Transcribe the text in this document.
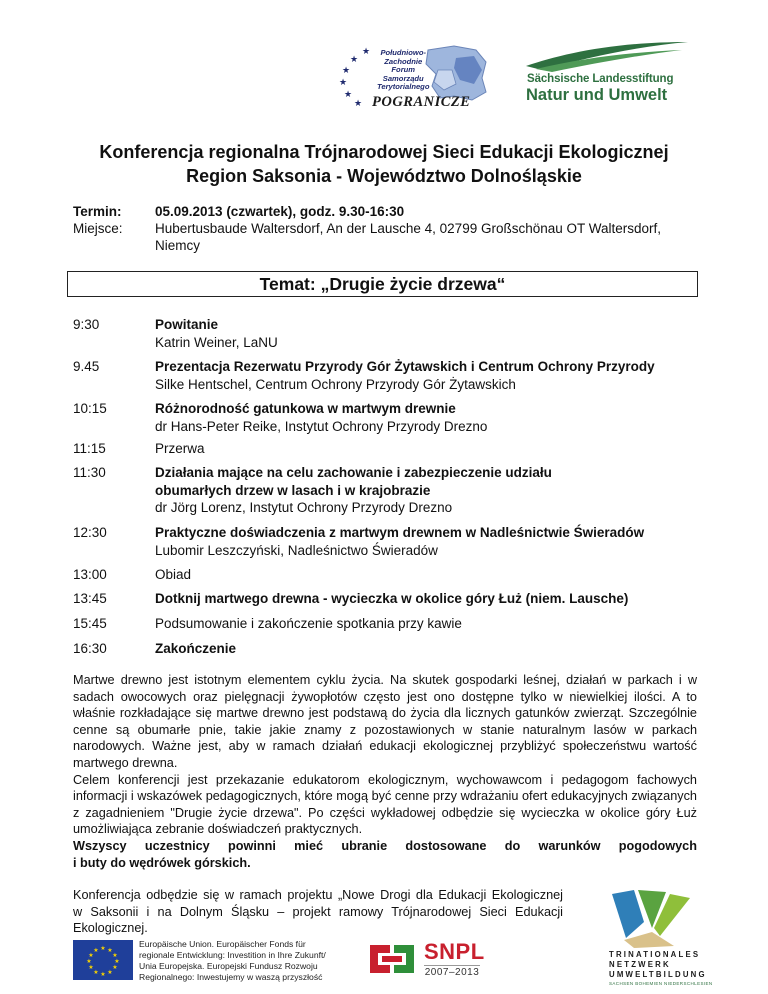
★
★
★
★
★
★
Południowo-
Zachodnie
Forum
Samorządu
Terytorialnego
POGRANICZE
Sächsische Landesstiftung
Natur und Umwelt
Konferencja regionalna Trójnarodowej Sieci Edukacji Ekologicznej
Region Saksonia - Województwo Dolnośląskie
Termin:	05.09.2013 (czwartek), godz. 9.30-16:30
Miejsce:	Hubertusbaude Waltersdorf, An der Lausche 4, 02799 Großschönau OT Waltersdorf,
Niemcy
Temat: „Drugie życie drzewa“
9:30	Powitanie
Katrin Weiner, LaNU
9.45	Prezentacja Rezerwatu Przyrody Gór Żytawskich i Centrum Ochrony Przyrody
Silke Hentschel, Centrum Ochrony Przyrody Gór Żytawskich
10:15	Różnorodność gatunkowa w martwym drewnie
dr Hans-Peter Reike, Instytut Ochrony Przyrody Drezno
11:15	Przerwa
11:30	Działania mające na celu zachowanie i zabezpieczenie udziału
obumarłych drzew w lasach i w krajobrazie
dr Jörg Lorenz, Instytut Ochrony Przyrody Drezno
12:30	Praktyczne doświadczenia z martwym drewnem w Nadleśnictwie Świeradów
Lubomir Leszczyński, Nadleśnictwo Świeradów
13:00	Obiad
13:45	Dotknij martwego drewna - wycieczka w okolice góry Łuż (niem. Lausche)
15:45	Podsumowanie i zakończenie spotkania przy kawie
16:30	Zakończenie
Martwe drewno jest istotnym elementem cyklu życia. Na skutek gospodarki leśnej, działań w parkach i w
sadach owocowych oraz pielęgnacji żywopłotów często jest ono dostępne tylko w niewielkiej ilości. A to
właśnie rozkładające się martwe drewno jest podstawą do życia dla licznych gatunków zwierząt. Szczególnie
cenne są obumarłe pnie, takie jakie znamy z pozostawionych w stanie naturalnym lasów w parkach
narodowych. Ważne jest, aby w ramach działań edukacji ekologicznej przybliżyć społeczeństwu wartość
martwego drewna.
Celem konferencji jest przekazanie edukatorom ekologicznym, wychowawcom i pedagogom fachowych
informacji i wskazówek pedagogicznych, które mogą być cenne przy wdrażaniu ofert edukacyjnych związanych
z zagadnieniem "Drugie życie drzewa". Po części wykładowej odbędzie się wycieczka w okolice góry Łuż
umożliwiająca zebranie doświadczeń praktycznych.
Wszyscy uczestnicy powinni mieć ubranie dostosowane do warunków pogodowych
i buty do wędrówek górskich.
Konferencja odbędzie się w ramach projektu „Nowe Drogi dla Edukacji Ekologicznej
w Saksonii i na Dolnym Śląsku – projekt ramowy Trójnarodowej Sieci Edukacji
Ekologicznej.
★ ★
★
★
★
★
★
★
★
★
★
★
Europäische Union. Europäischer Fonds für
regionale Entwicklung: Investition in Ihre Zukunft/
Unia Europejska. Europejski Fundusz Rozwoju
Regionalnego: Inwestujemy w waszą przyszłość
SNPL
2007–2013
TRINATIONALES
NETZWERK
UMWELTBILDUNG
SACHSEN BOHEMIEN NIEDERSCHLESIEN
